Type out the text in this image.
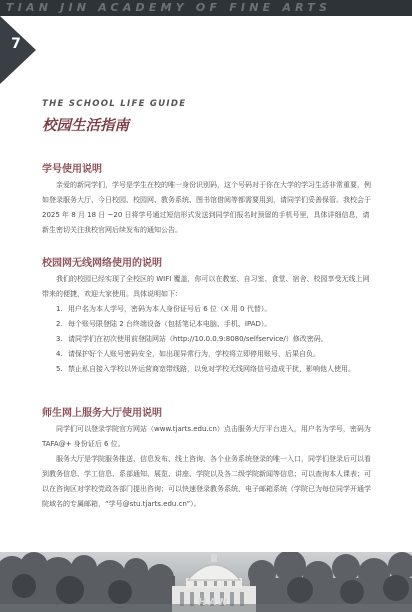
TIAN JIN ACADEMY OF FINE ARTS
7
THE SCHOOL LIFE GUIDE
校园生活指南
学号使用说明

亲爱的新同学们，学号是学生在校的唯一身份识别码，这个号码对于你在大学的学习生活非常重要，例如登录服务大厅、今日校园、校园网、教务系统、图书馆借阅等都需要用到，请同学们妥善保管。我校会于 2025 年 8 月 18 日 ~20 日将学号通过短信形式发送到同学们报名时预留的手机号里，具体详细信息，请新生密切关注我校官网后续发布的通知公告。

校园网无线网络使用的说明

我们的校园已经实现了全校区的 WIFI 覆盖，你可以在教室、自习室、食堂、宿舍、校园享受无线上网带来的便捷，欢迎大家使用。具体说明如下：

1. 用户名为本人学号，密码为本人身份证号后 6 位（X 用 0 代替）。
2. 每个账号限登陆 2 台终端设备（包括笔记本电脑、手机、IPAD）。
3. 请同学们在初次使用前登陆网站（http://10.0.0.9:8080/selfservice/）修改密码。
4. 请保护好个人账号密码安全，如出现异常行为，学校将立即停用账号，后果自负。
5. 禁止私自接入学校以外运营商宽带线路，以免对学校无线网络信号造成干扰，影响他人使用。
师生网上服务大厅使用说明

同学们可以登录学院官方网站（www.tjarts.edu.cn）点击服务大厅平台进入，用户名为学号，密码为 TAFA@+ 身份证后 6 位。

服务大厅是学院服务推送、信息发布、线上咨询、各个业务系统登录的唯一入口，同学们登录后可以看到教务信息、学工信息、系部通知、展览、讲座、学院以及各二级学院新闻等信息；可以查询本人课表；可以在咨询区对学校党政各部门提出咨询；可以快速登录教务系统、电子邮箱系统（学院已为每位同学开通学院域名的专属邮箱，“学号@stu.tjarts.edu.cn”）。

HAN
